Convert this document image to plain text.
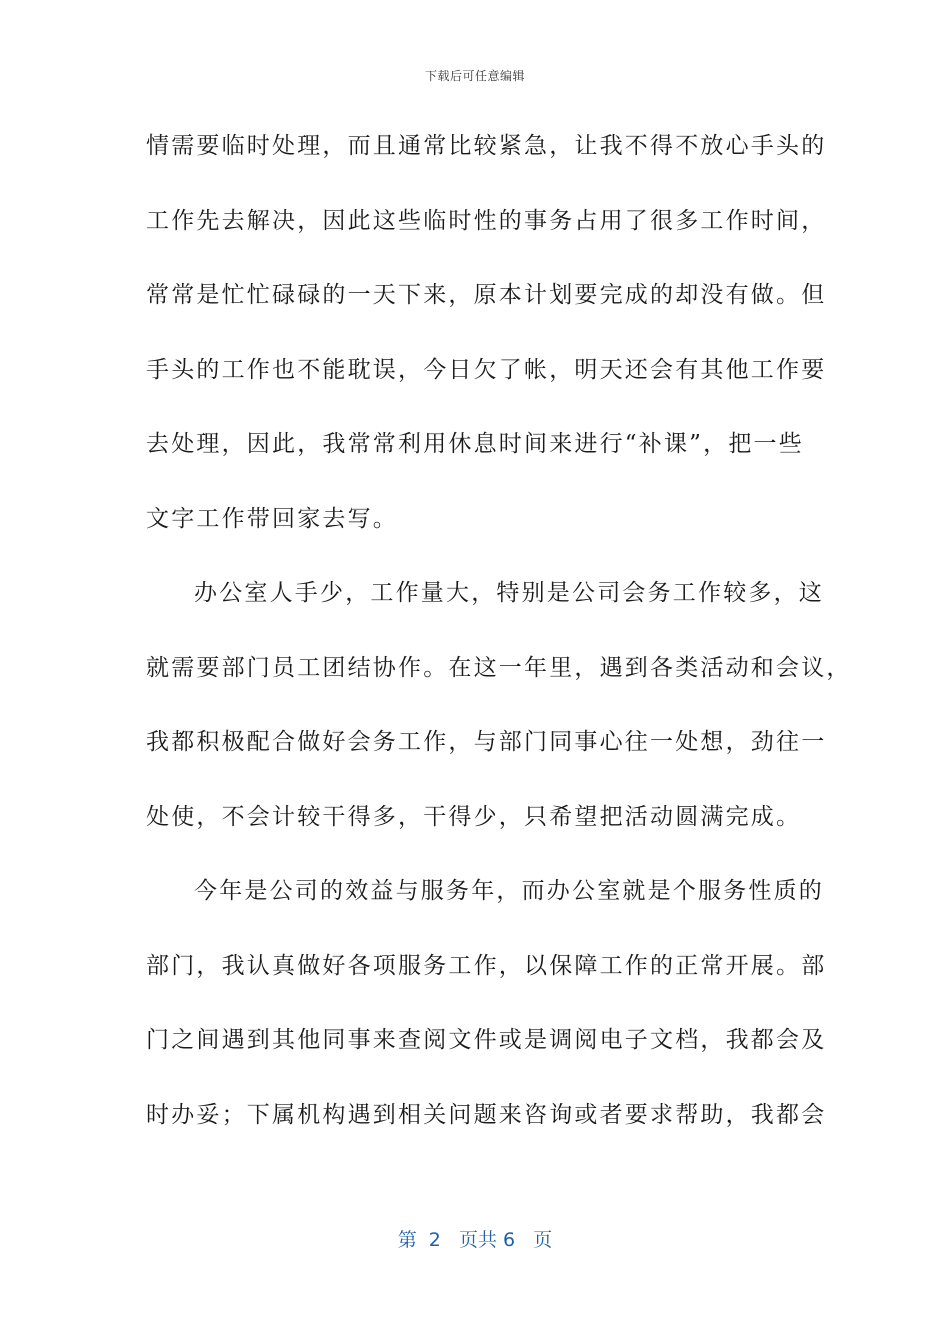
下载后可任意编辑
情需要临时处理，而且通常比较紧急，让我不得不放心手头的
工作先去解决，因此这些临时性的事务占用了很多工作时间，
常常是忙忙碌碌的一天下来，原本计划要完成的却没有做。但
手头的工作也不能耽误，今日欠了帐，明天还会有其他工作要
去处理，因此，我常常利用休息时间来进行“补课”，把一些
文字工作带回家去写。
办公室人手少，工作量大，特别是公司会务工作较多，这
就需要部门员工团结协作。在这一年里，遇到各类活动和会议，
我都积极配合做好会务工作，与部门同事心往一处想，劲往一
处使，不会计较干得多，干得少，只希望把活动圆满完成。
今年是公司的效益与服务年，而办公室就是个服务性质的
部门，我认真做好各项服务工作，以保障工作的正常开展。部
门之间遇到其他同事来查阅文件或是调阅电子文档，我都会及
时办妥；下属机构遇到相关问题来咨询或者要求帮助，我都会
第  2   页共 6   页
